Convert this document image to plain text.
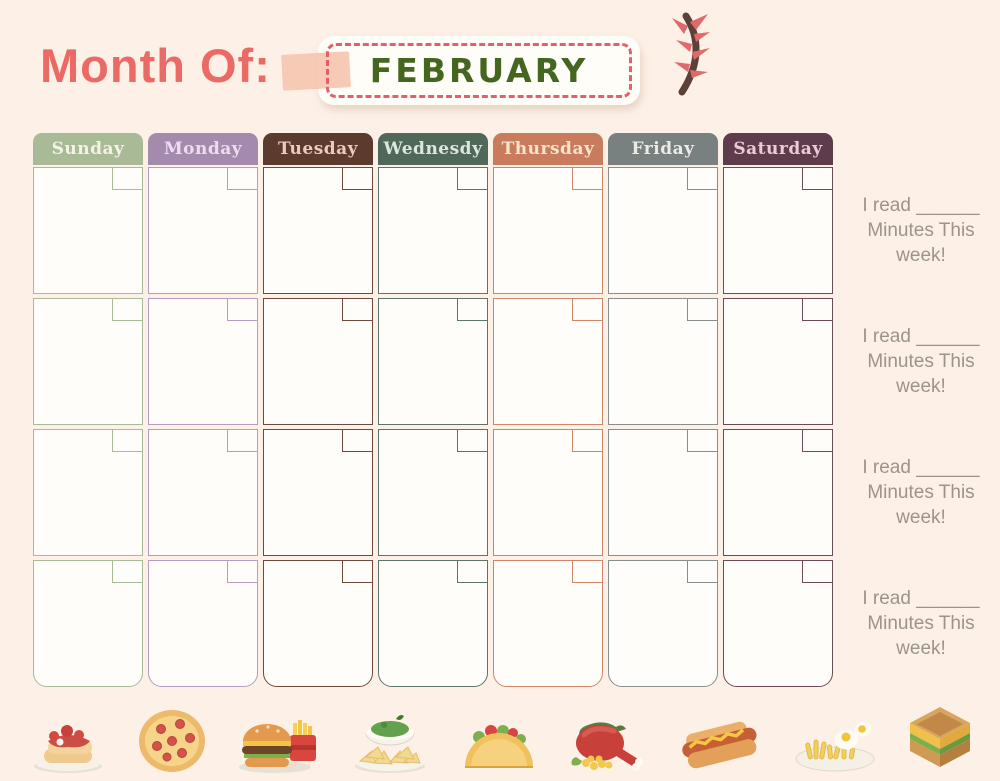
Month Of:	FEBRUARY
Sunday	Monday	Tuesday	Wednesdy	Thursday	Friday	Saturday
I read ______
Minutes This
week!
I read ______
Minutes This
week!
I read ______
Minutes This
week!
I read ______
Minutes This
week!
